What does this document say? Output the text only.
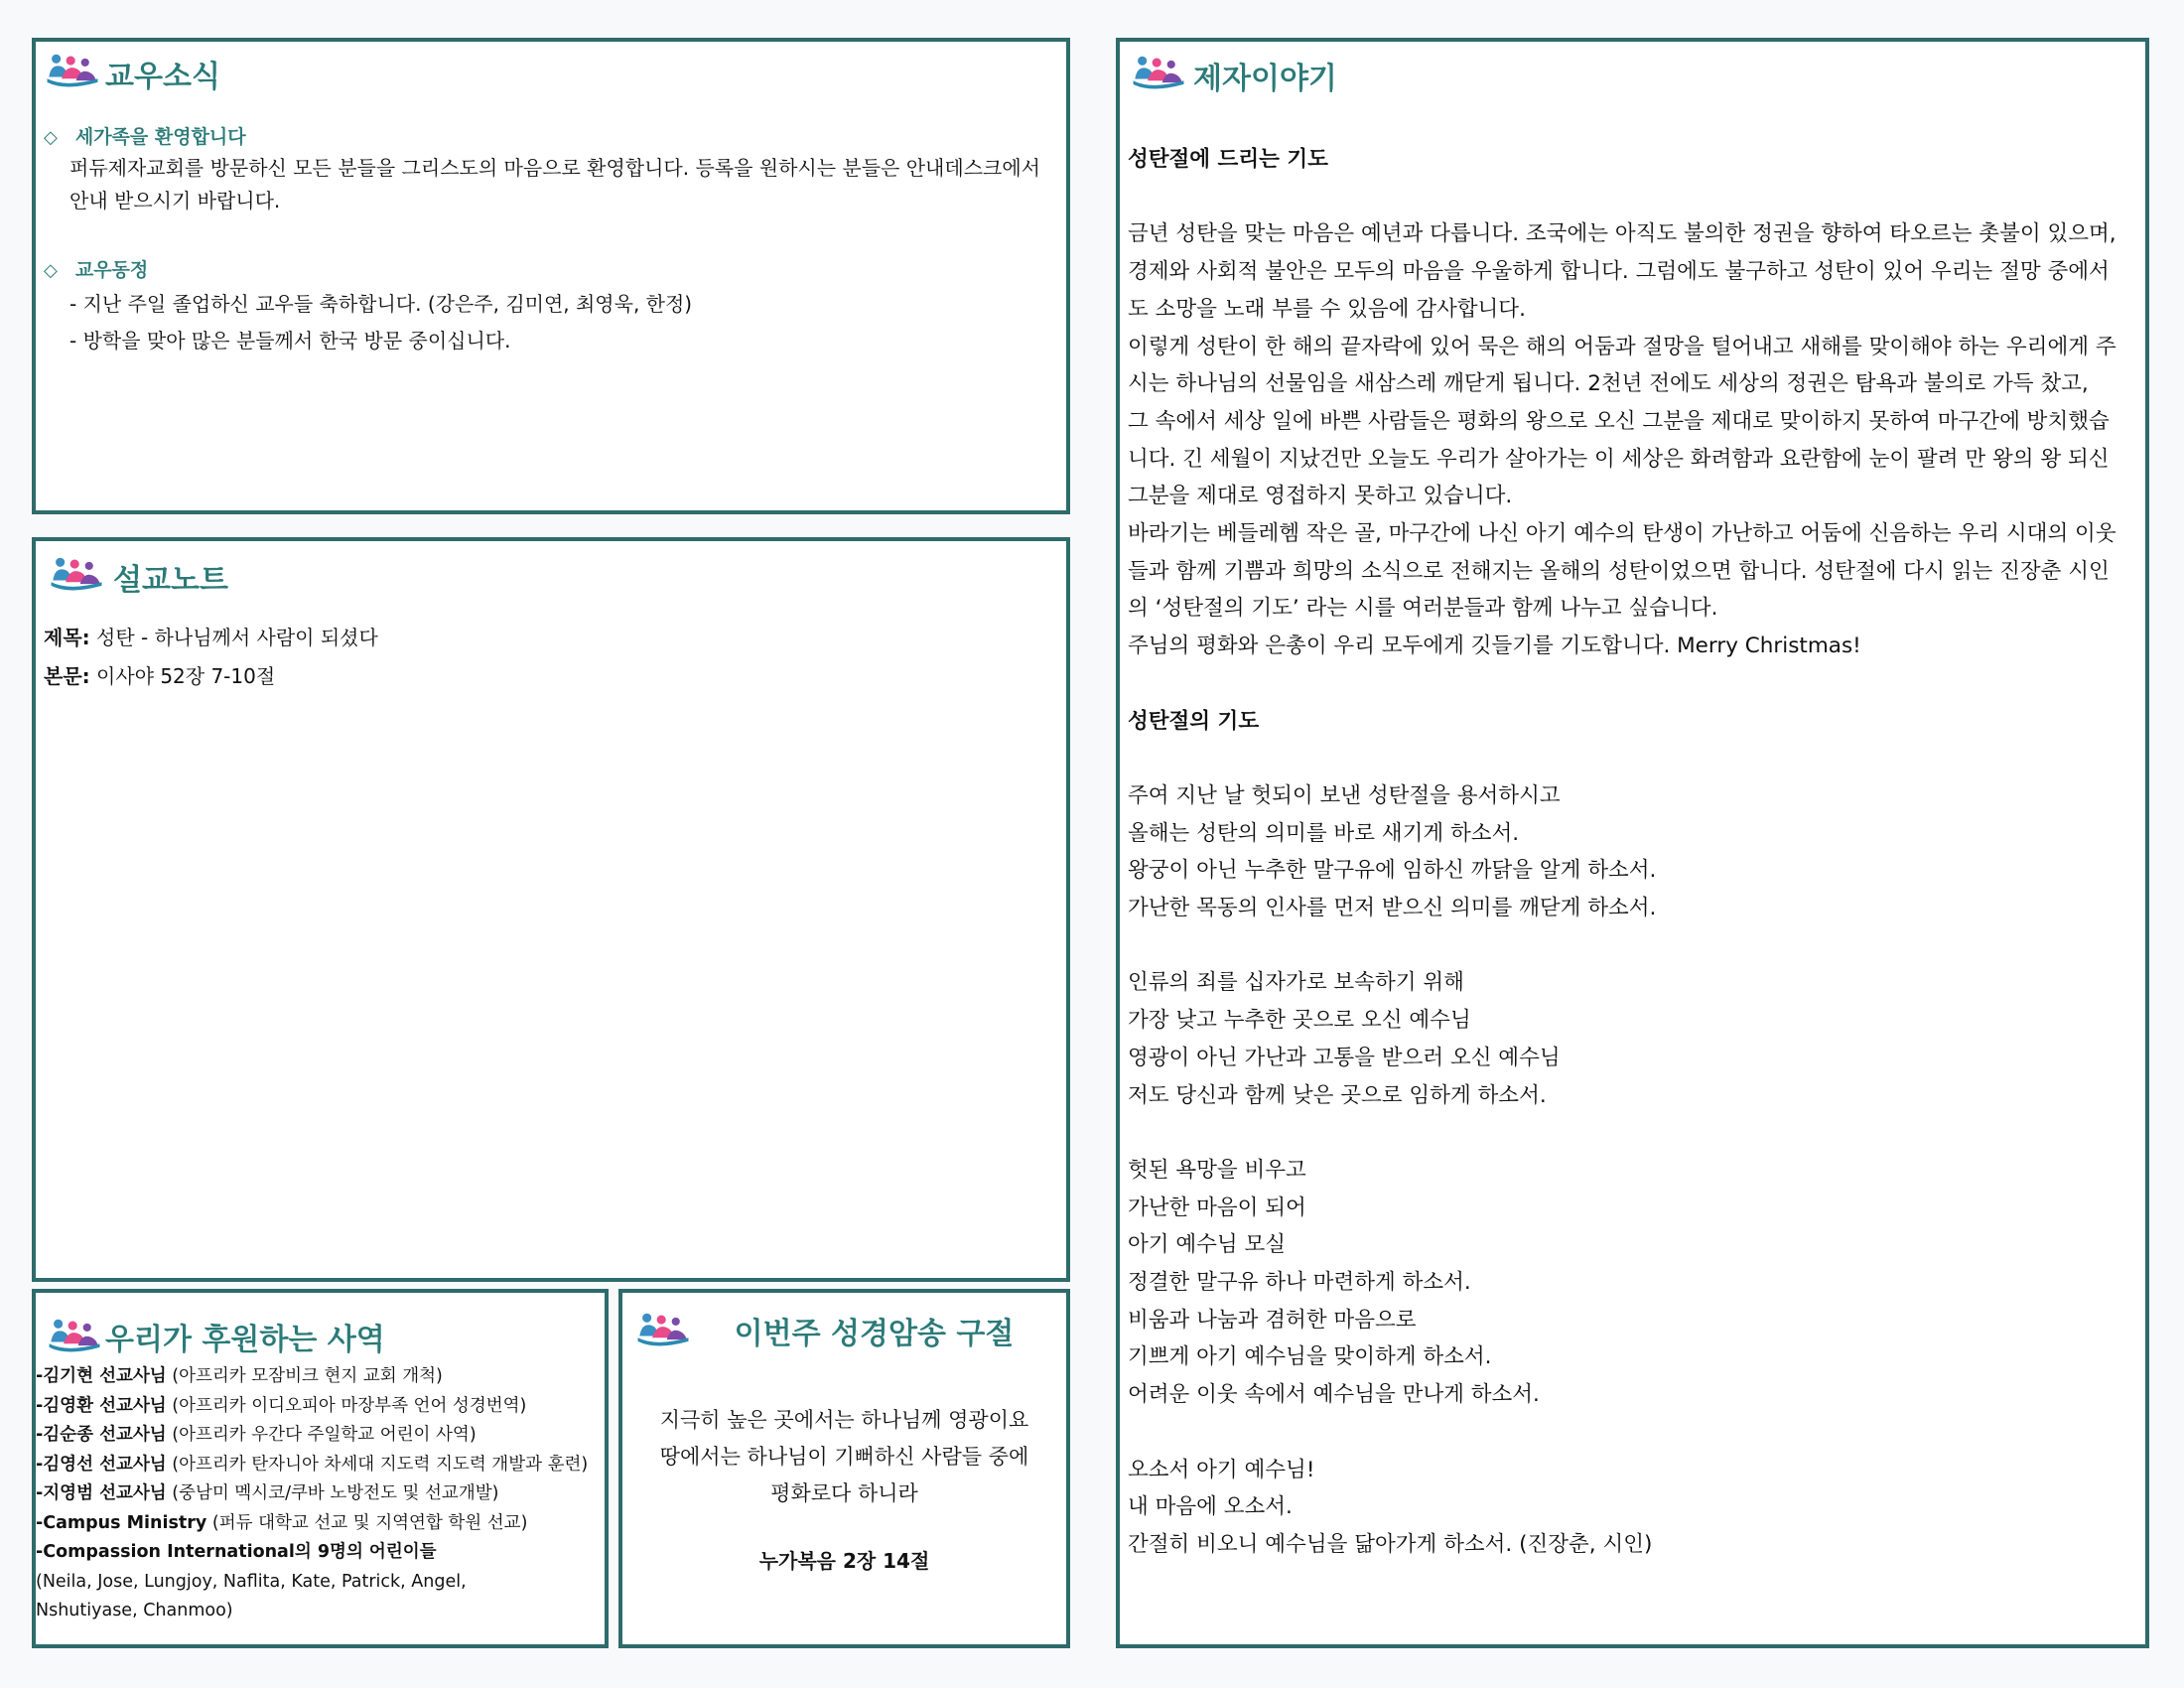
교우소식
◇ 세가족을 환영합니다
퍼듀제자교회를 방문하신 모든 분들을 그리스도의 마음으로 환영합니다. 등록을 원하시는 분들은 안내데스크에서 안내 받으시기 바랍니다.
◇ 교우동정
- 지난 주일 졸업하신 교우들 축하합니다. (강은주, 김미연, 최영욱, 한정)
- 방학을 맞아 많은 분들께서 한국 방문 중이십니다.
설교노트
제목: 성탄 - 하나님께서 사람이 되셨다
본문: 이사야 52장 7-10절
우리가 후원하는 사역
-김기현 선교사님 (아프리카 모잠비크 현지 교회 개척)
-김영환 선교사님 (아프리카 이디오피아 마장부족 언어 성경번역)
-김순종 선교사님 (아프리카 우간다 주일학교 어린이 사역)
-김영선 선교사님 (아프리카 탄자니아 차세대 지도력 지도력 개발과 훈련)
-지영범 선교사님 (중남미 멕시코/쿠바 노방전도 및 선교개발)
-Campus Ministry (퍼듀 대학교 선교 및 지역연합 학원 선교)
-Compassion International의 9명의 어린이들
(Neila, Jose, Lungjoy, Naflita, Kate, Patrick, Angel,
Nshutiyase, Chanmoo)
이번주 성경암송 구절
지극히 높은 곳에서는 하나님께 영광이요
땅에서는 하나님이 기뻐하신 사람들 중에
평화로다 하니라
누가복음 2장 14절
제자이야기
성탄절에 드리는 기도
금년 성탄을 맞는 마음은 예년과 다릅니다. 조국에는 아직도 불의한 정권을 향하여 타오르는 촛불이 있으며,
경제와 사회적 불안은 모두의 마음을 우울하게 합니다. 그럼에도 불구하고 성탄이 있어 우리는 절망 중에서
도 소망을 노래 부를 수 있음에 감사합니다.
이렇게 성탄이 한 해의 끝자락에 있어 묵은 해의 어둠과 절망을 털어내고 새해를 맞이해야 하는 우리에게 주
시는 하나님의 선물임을 새삼스레 깨닫게 됩니다. 2천년 전에도 세상의 정권은 탐욕과 불의로 가득 찼고,
그 속에서 세상 일에 바쁜 사람들은 평화의 왕으로 오신 그분을 제대로 맞이하지 못하여 마구간에 방치했습
니다. 긴 세월이 지났건만 오늘도 우리가 살아가는 이 세상은 화려함과 요란함에 눈이 팔려 만 왕의 왕 되신
그분을 제대로 영접하지 못하고 있습니다.
바라기는 베들레헴 작은 골, 마구간에 나신 아기 예수의 탄생이 가난하고 어둠에 신음하는 우리 시대의 이웃
들과 함께 기쁨과 희망의 소식으로 전해지는 올해의 성탄이었으면 합니다. 성탄절에 다시 읽는 진장춘 시인
의 ‘성탄절의 기도’ 라는 시를 여러분들과 함께 나누고 싶습니다.
주님의 평화와 은총이 우리 모두에게 깃들기를 기도합니다. Merry Christmas!
성탄절의 기도
주여 지난 날 헛되이 보낸 성탄절을 용서하시고
올해는 성탄의 의미를 바로 새기게 하소서.
왕궁이 아닌 누추한 말구유에 임하신 까닭을 알게 하소서.
가난한 목동의 인사를 먼저 받으신 의미를 깨닫게 하소서.
인류의 죄를 십자가로 보속하기 위해
가장 낮고 누추한 곳으로 오신 예수님
영광이 아닌 가난과 고통을 받으러 오신 예수님
저도 당신과 함께 낮은 곳으로 임하게 하소서.
헛된 욕망을 비우고
가난한 마음이 되어
아기 예수님 모실
정결한 말구유 하나 마련하게 하소서.
비움과 나눔과 겸허한 마음으로
기쁘게 아기 예수님을 맞이하게 하소서.
어려운 이웃 속에서 예수님을 만나게 하소서.
오소서 아기 예수님!
내 마음에 오소서.
간절히 비오니 예수님을 닮아가게 하소서. (진장춘, 시인)
